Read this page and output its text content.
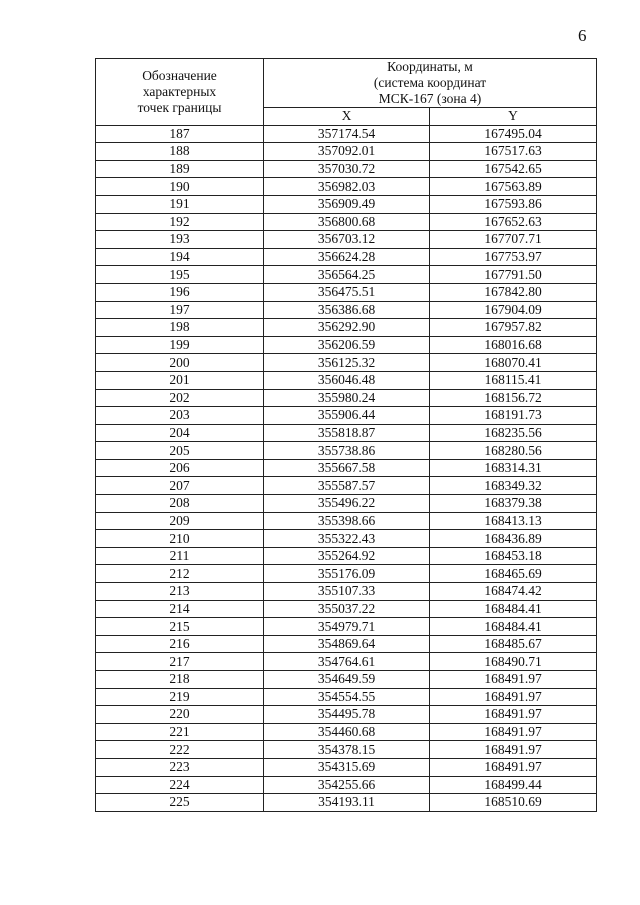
6
Обозначение
характерных
точек границы	Координаты, м
(система координат
МСК-167 (зона 4)	

	X	Y
187	357174.54	167495.04
188	357092.01	167517.63
189	357030.72	167542.65
190	356982.03	167563.89
191	356909.49	167593.86
192	356800.68	167652.63
193	356703.12	167707.71
194	356624.28	167753.97
195	356564.25	167791.50
196	356475.51	167842.80
197	356386.68	167904.09
198	356292.90	167957.82
199	356206.59	168016.68
200	356125.32	168070.41
201	356046.48	168115.41
202	355980.24	168156.72
203	355906.44	168191.73
204	355818.87	168235.56
205	355738.86	168280.56
206	355667.58	168314.31
207	355587.57	168349.32
208	355496.22	168379.38
209	355398.66	168413.13
210	355322.43	168436.89
211	355264.92	168453.18
212	355176.09	168465.69
213	355107.33	168474.42
214	355037.22	168484.41
215	354979.71	168484.41
216	354869.64	168485.67
217	354764.61	168490.71
218	354649.59	168491.97
219	354554.55	168491.97
220	354495.78	168491.97
221	354460.68	168491.97
222	354378.15	168491.97
223	354315.69	168491.97
224	354255.66	168499.44
225	354193.11	168510.69
